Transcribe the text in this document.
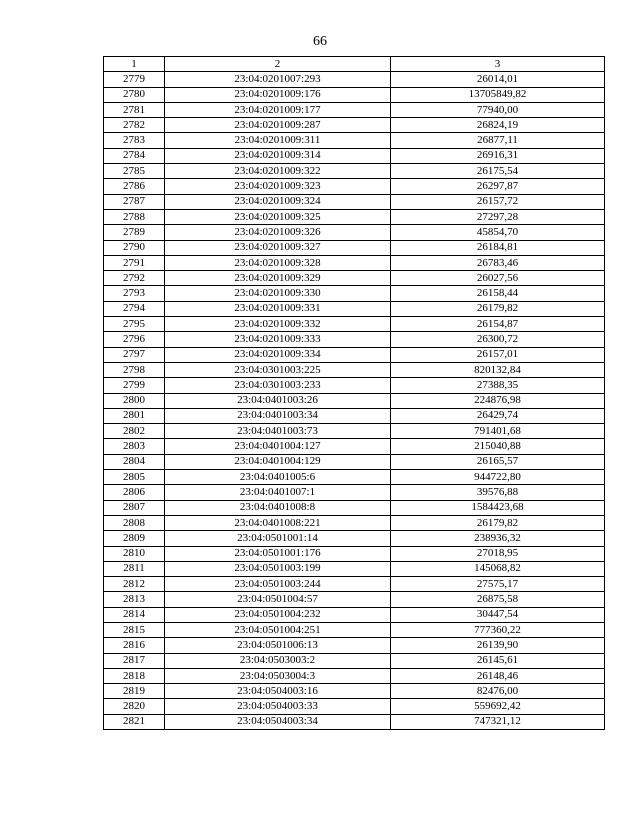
66
1	2	3
2779	23:04:0201007:293	26014,01
2780	23:04:0201009:176	13705849,82
2781	23:04:0201009:177	77940,00
2782	23:04:0201009:287	26824,19
2783	23:04:0201009:311	26877,11
2784	23:04:0201009:314	26916,31
2785	23:04:0201009:322	26175,54
2786	23:04:0201009:323	26297,87
2787	23:04:0201009:324	26157,72
2788	23:04:0201009:325	27297,28
2789	23:04:0201009:326	45854,70
2790	23:04:0201009:327	26184,81
2791	23:04:0201009:328	26783,46
2792	23:04:0201009:329	26027,56
2793	23:04:0201009:330	26158,44
2794	23:04:0201009:331	26179,82
2795	23:04:0201009:332	26154,87
2796	23:04:0201009:333	26300,72
2797	23:04:0201009:334	26157,01
2798	23:04:0301003:225	820132,84
2799	23:04:0301003:233	27388,35
2800	23:04:0401003:26	224876,98
2801	23:04:0401003:34	26429,74
2802	23:04:0401003:73	791401,68
2803	23:04:0401004:127	215040,88
2804	23:04:0401004:129	26165,57
2805	23:04:0401005:6	944722,80
2806	23:04:0401007:1	39576,88
2807	23:04:0401008:8	1584423,68
2808	23:04:0401008:221	26179,82
2809	23:04:0501001:14	238936,32
2810	23:04:0501001:176	27018,95
2811	23:04:0501003:199	145068,82
2812	23:04:0501003:244	27575,17
2813	23:04:0501004:57	26875,58
2814	23:04:0501004:232	30447,54
2815	23:04:0501004:251	777360,22
2816	23:04:0501006:13	26139,90
2817	23:04:0503003:2	26145,61
2818	23:04:0503004:3	26148,46
2819	23:04:0504003:16	82476,00
2820	23:04:0504003:33	559692,42
2821	23:04:0504003:34	747321,12
